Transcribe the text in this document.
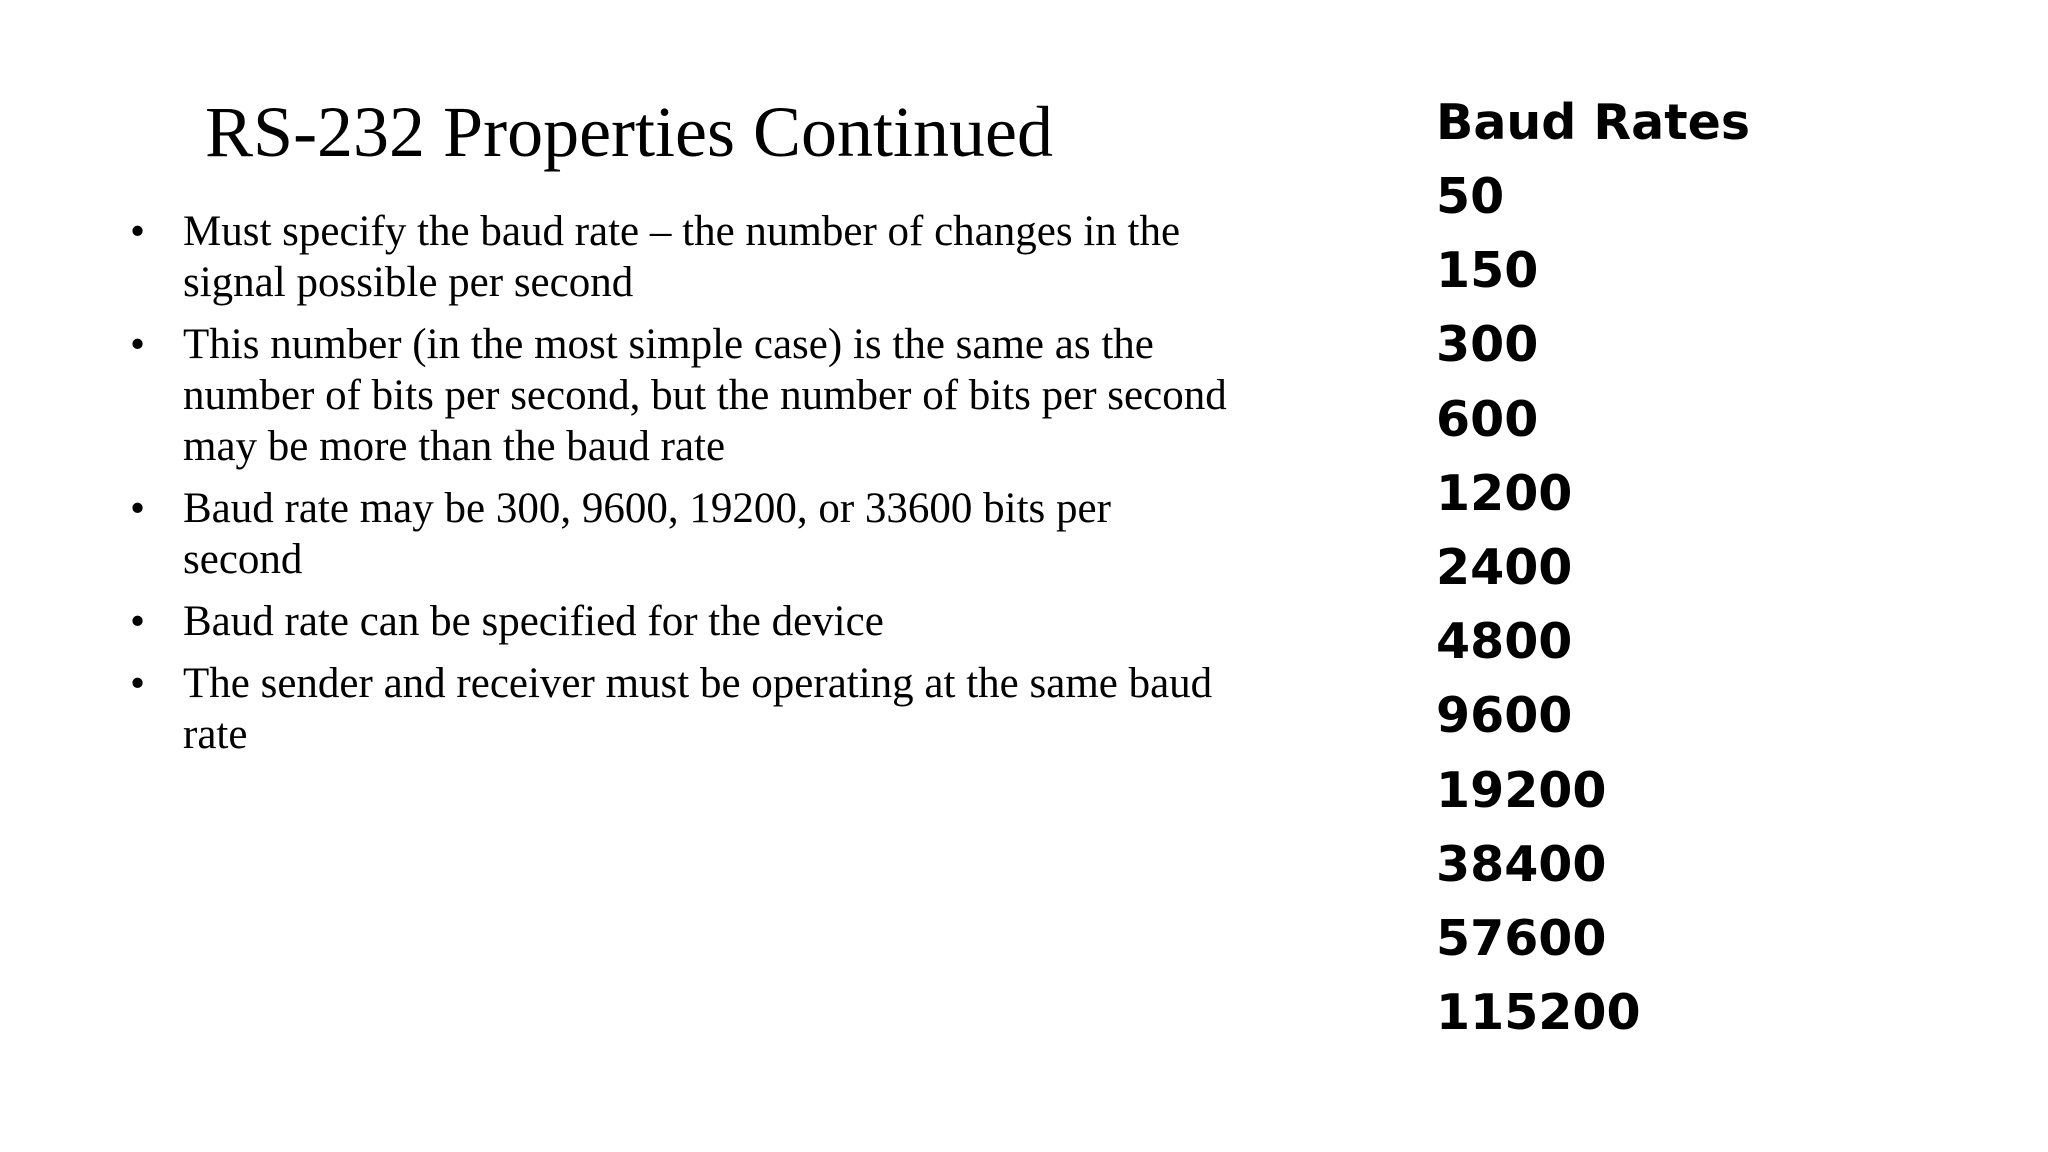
RS-232 Properties Continued
• Must specify the baud rate – the number of changes in the signal possible per second
• This number (in the most simple case) is the same as the number of bits per second, but the number of bits per second may be more than the baud rate
• Baud rate may be 300, 9600, 19200, or 33600 bits per second
• Baud rate can be specified for the device
• The sender and receiver must be operating at the same baud rate
Baud Rates
50
150
300
600
1200
2400
4800
9600
19200
38400
57600
115200
